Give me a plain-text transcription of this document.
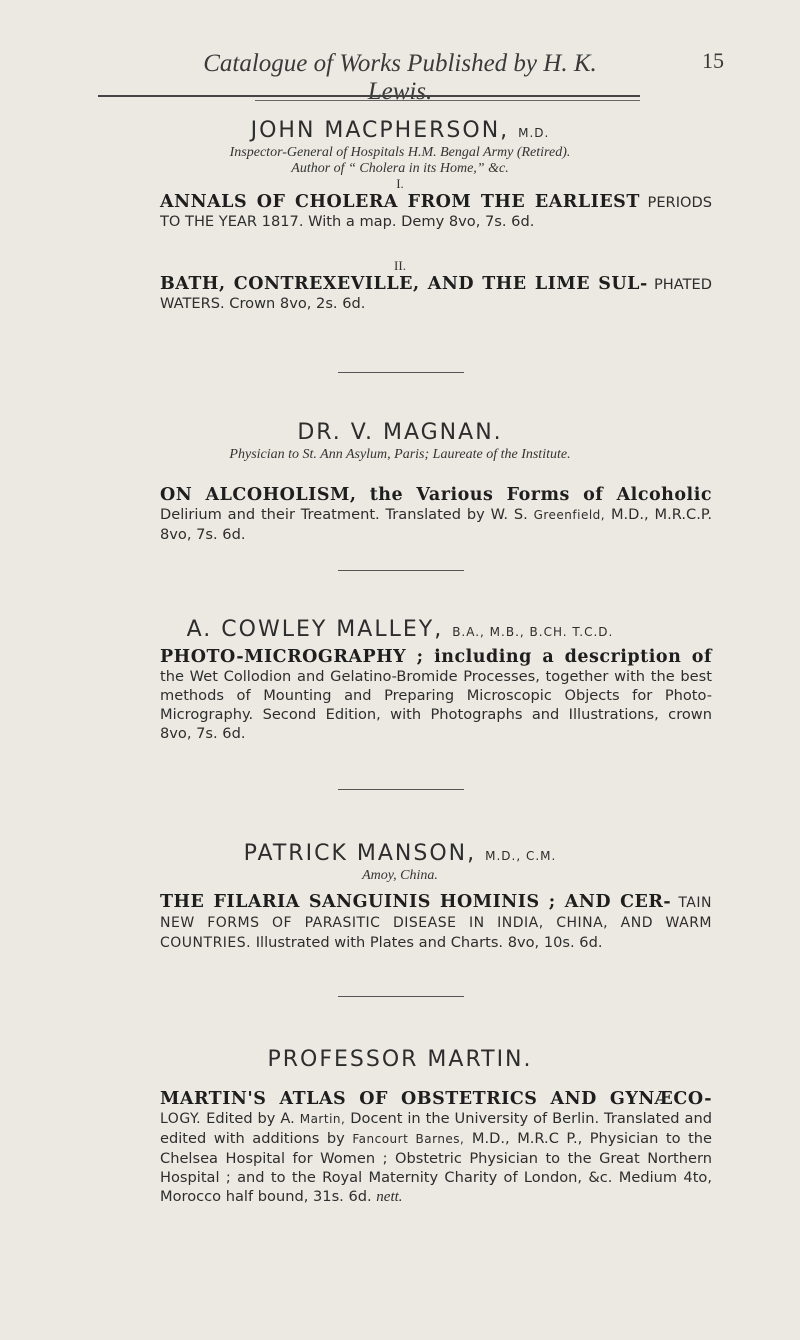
Catalogue of Works Published by H. K. Lewis.
15

JOHN MACPHERSON, M.D.

Inspector-General of Hospitals H.M. Bengal Army (Retired).

Author of “ Cholera in its Home,” &c.

I.

ANNALS OF CHOLERA FROM THE EARLIEST PERIODS TO THE YEAR 1817. With a map. Demy 8vo, 7s. 6d.

II.

BATH, CONTREXEVILLE, AND THE LIME SUL- PHATED WATERS. Crown 8vo, 2s. 6d.

DR. V. MAGNAN.

Physician to St. Ann Asylum, Paris; Laureate of the Institute.

ON ALCOHOLISM, the Various Forms of Alcoholic Delirium and their Treatment. Translated by W. S. Greenfield, M.D., M.R.C.P. 8vo, 7s. 6d.

A. COWLEY MALLEY, B.A., M.B., B.CH. T.C.D.

PHOTO-MICROGRAPHY ; including a description of the Wet Collodion and Gelatino-Bromide Processes, together with the best methods of Mounting and Preparing Microscopic Objects for Photo-Micrography. Second Edition, with Photographs and Illustrations, crown 8vo, 7s. 6d.

PATRICK MANSON, M.D., C.M.

Amoy, China.

THE FILARIA SANGUINIS HOMINIS ; AND CER- TAIN NEW FORMS OF PARASITIC DISEASE IN INDIA, CHINA, AND WARM COUNTRIES. Illustrated with Plates and Charts. 8vo, 10s. 6d.

PROFESSOR MARTIN.

MARTIN'S ATLAS OF OBSTETRICS AND GYNÆCO- LOGY. Edited by A. Martin, Docent in the University of Berlin. Translated and edited with additions by Fancourt Barnes, M.D., M.R.C P., Physician to the Chelsea Hospital for Women ; Obstetric Physician to the Great Northern Hospital ; and to the Royal Maternity Charity of London, &c. Medium 4to, Morocco half bound, 31s. 6d. nett.
